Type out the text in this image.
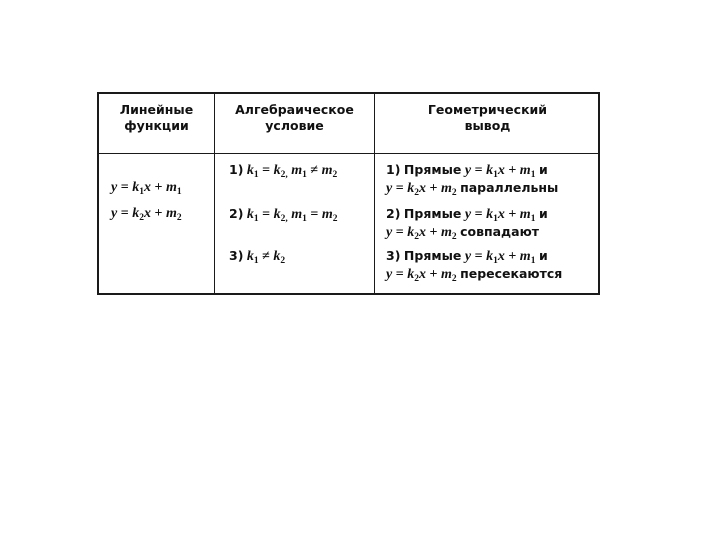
Линейные
функции
Алгебраическое
условие
Геометрический
вывод
$y = k_1x + m_1$
$y = k_2x + m_2$
1) $k_1 = k_{2,}$ $m_1 \ne m_2$
2) $k_1 = k_{2,}$ $m_1 = m_2$
3) $k_1 \ne k_2$
1) Прямые $y = k_1x + m_1$ и
$y = k_2x + m_2$ параллельны
2) Прямые $y = k_1x + m_1$ и
$y = k_2x + m_2$ совпадают
3) Прямые $y = k_1x + m_1$ и
$y = k_2x + m_2$ пересекаются
